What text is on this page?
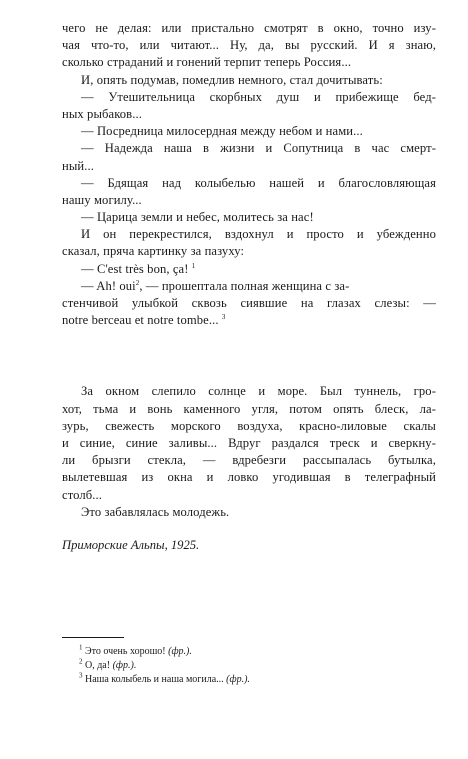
чего не делая: или пристально смотрят в окно, точно изу-
чая что-то, или читают... Ну, да, вы русский. И я знаю,
сколько страданий и гонений терпит теперь Россия...
И, опять подумав, помедлив немного, стал дочитывать:
— Утешительница скорбных душ и прибежище бед-
ных рыбаков...
— Посредница милосердная между небом и нами...
— Надежда наша в жизни и Сопутница в час смерт-
ный...
— Бдящая над колыбелью нашей и благословляющая
нашу могилу...
— Царица земли и небес, молитесь за нас!
И он перекрестился, вздохнул и просто и убежденно
сказал, пряча картинку за пазуху:
— C'est très bon, ça! $^1$
— Ah! oui$^2$, — прошептала полная женщина с за-
стенчивой улыбкой сквозь сиявшие на глазах слезы: —
notre berceau et notre tombe... $^3$
За окном слепило солнце и море. Был туннель, гро-
хот, тьма и вонь каменного угля, потом опять блеск, ла-
зурь, свежесть морского воздуха, красно-лиловые скалы
и синие, синие заливы... Вдруг раздался треск и сверкну-
ли брызги стекла, — вдребезги рассыпалась бутылка,
вылетевшая из окна и ловко угодившая в телеграфный
столб...
Это забавлялась молодежь.
Приморские Альпы, 1925.
$^1$ Это очень хорошо! (фр.).
$^2$ О, да! (фр.).
$^3$ Наша колыбель и наша могила... (фр.).
